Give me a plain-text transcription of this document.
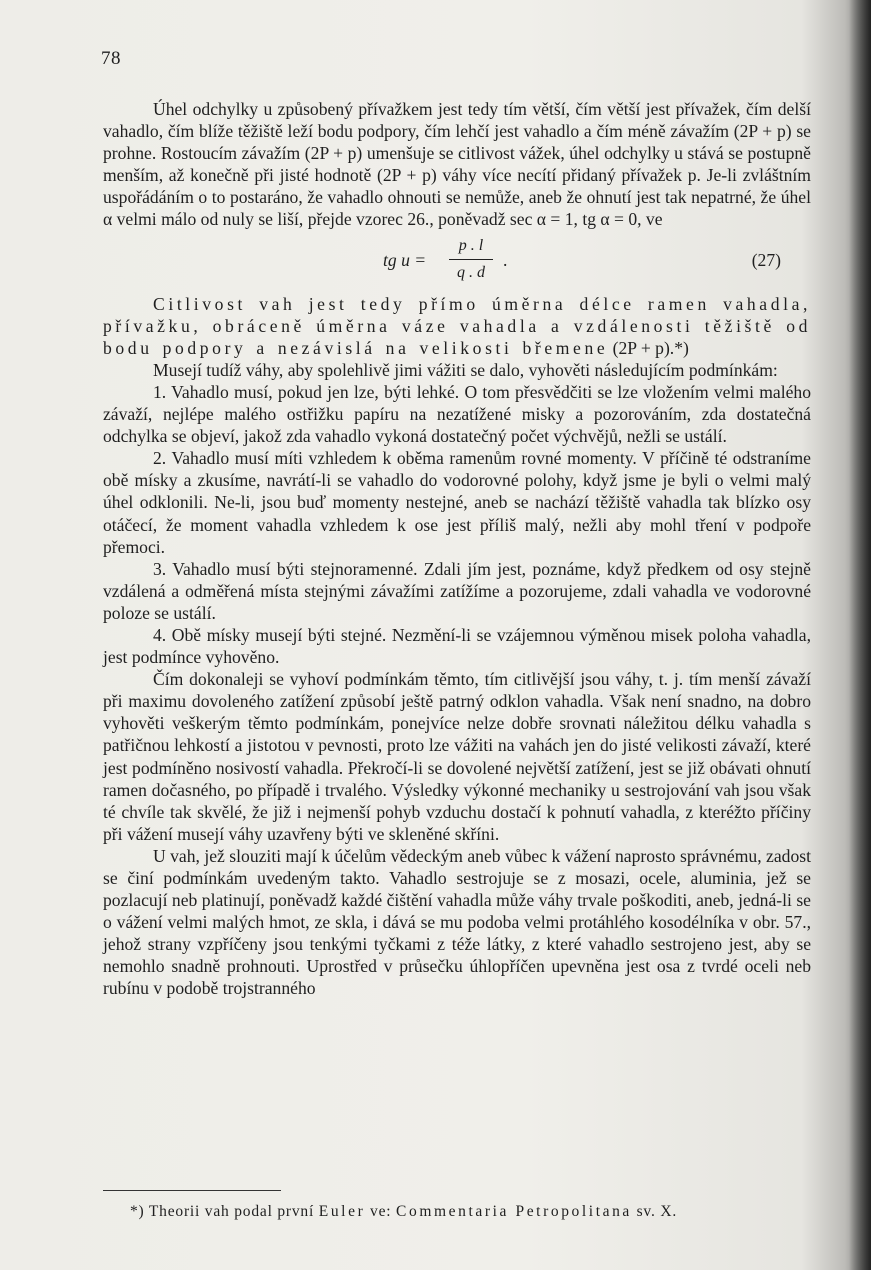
78

Úhel odchylky u způsobený přívažkem jest tedy tím větší, čím větší jest přívažek, čím delší vahadlo, čím blíže těžiště leží bodu podpory, čím lehčí jest vahadlo a čím méně závažím (2P + p) se prohne. Rostoucím závažím (2P + p) umenšuje se citlivost vážek, úhel odchylky u stává se postupně menším, až konečně při jisté hodnotě (2P + p) váhy více necítí přidaný přívažek p. Je-li zvláštním uspořádáním o to postaráno, že vahadlo ohnouti se nemůže, aneb že ohnutí jest tak nepatrné, že úhel α velmi málo od nuly se liší, přejde vzorec 26., poněvadž sec α = 1, tg α = 0, ve

tg u =
p . l
q . d
.	(27)

Citlivost vah jest tedy přímo úměrna délce ramen vahadla, přívažku, obráceně úměrna váze vahadla a vzdálenosti těžiště od bodu podpory a nezávislá na velikosti břemene (2P + p).*)

Musejí tudíž váhy, aby spolehlivě jimi vážiti se dalo, vyhověti následujícím podmínkám:

1. Vahadlo musí, pokud jen lze, býti lehké. O tom přesvědčiti se lze vložením velmi malého závaží, nejlépe malého ostřižku papíru na nezatížené misky a pozorováním, zda dostatečná odchylka se objeví, jakož zda vahadlo vykoná dostatečný počet výchvějů, nežli se ustálí.

2. Vahadlo musí míti vzhledem k oběma ramenům rovné momenty. V příčině té odstraníme obě mísky a zkusíme, navrátí-li se vahadlo do vodorovné polohy, když jsme je byli o velmi malý úhel odklonili. Ne-li, jsou buď momenty nestejné, aneb se nachází těžiště vahadla tak blízko osy otáčecí, že moment vahadla vzhledem k ose jest příliš malý, nežli aby mohl tření v podpoře přemoci.

3. Vahadlo musí býti stejnoramenné. Zdali jím jest, poznáme, když předkem od osy stejně vzdálená a odměřená místa stejnými závažími zatížíme a pozorujeme, zdali vahadla ve vodorovné poloze se ustálí.

4. Obě mísky musejí býti stejné. Nezmění-li se vzájemnou výměnou misek poloha vahadla, jest podmínce vyhověno.

Čím dokonaleji se vyhoví podmínkám těmto, tím citlivější jsou váhy, t. j. tím menší závaží při maximu dovoleného zatížení způsobí ještě patrný odklon vahadla. Však není snadno, na dobro vyhověti veškerým těmto podmínkám, ponejvíce nelze dobře srovnati náležitou délku vahadla s patřičnou lehkostí a jistotou v pevnosti, proto lze vážiti na vahách jen do jisté velikosti závaží, které jest podmíněno nosivostí vahadla. Překročí-li se dovolené největší zatížení, jest se již obávati ohnutí ramen dočasného, po případě i trvalého. Výsledky výkonné mechaniky u sestrojování vah jsou však té chvíle tak skvělé, že již i nejmenší pohyb vzduchu dostačí k pohnutí vahadla, z kteréžto příčiny při vážení musejí váhy uzavřeny býti ve skleněné skříni.

U vah, jež slouziti mají k účelům vědeckým aneb vůbec k vážení naprosto správnému, zadost se činí podmínkám uvedeným takto. Vahadlo sestrojuje se z mosazi, ocele, aluminia, jež se pozlacují neb platinují, poněvadž každé čištění vahadla může váhy trvale poškoditi, aneb, jedná-li se o vážení velmi malých hmot, ze skla, i dává se mu podoba velmi protáhlého kosodélníka v obr. 57., jehož strany vzpříčeny jsou tenkými tyčkami z téže látky, z které vahadlo sestrojeno jest, aby se nemohlo snadně prohnouti. Uprostřed v průsečku úhlopříčen upevněna jest osa z tvrdé oceli neb rubínu v podobě trojstranného

*) Theorii vah podal první Euler ve: Commentaria Petropolitana sv. X.
